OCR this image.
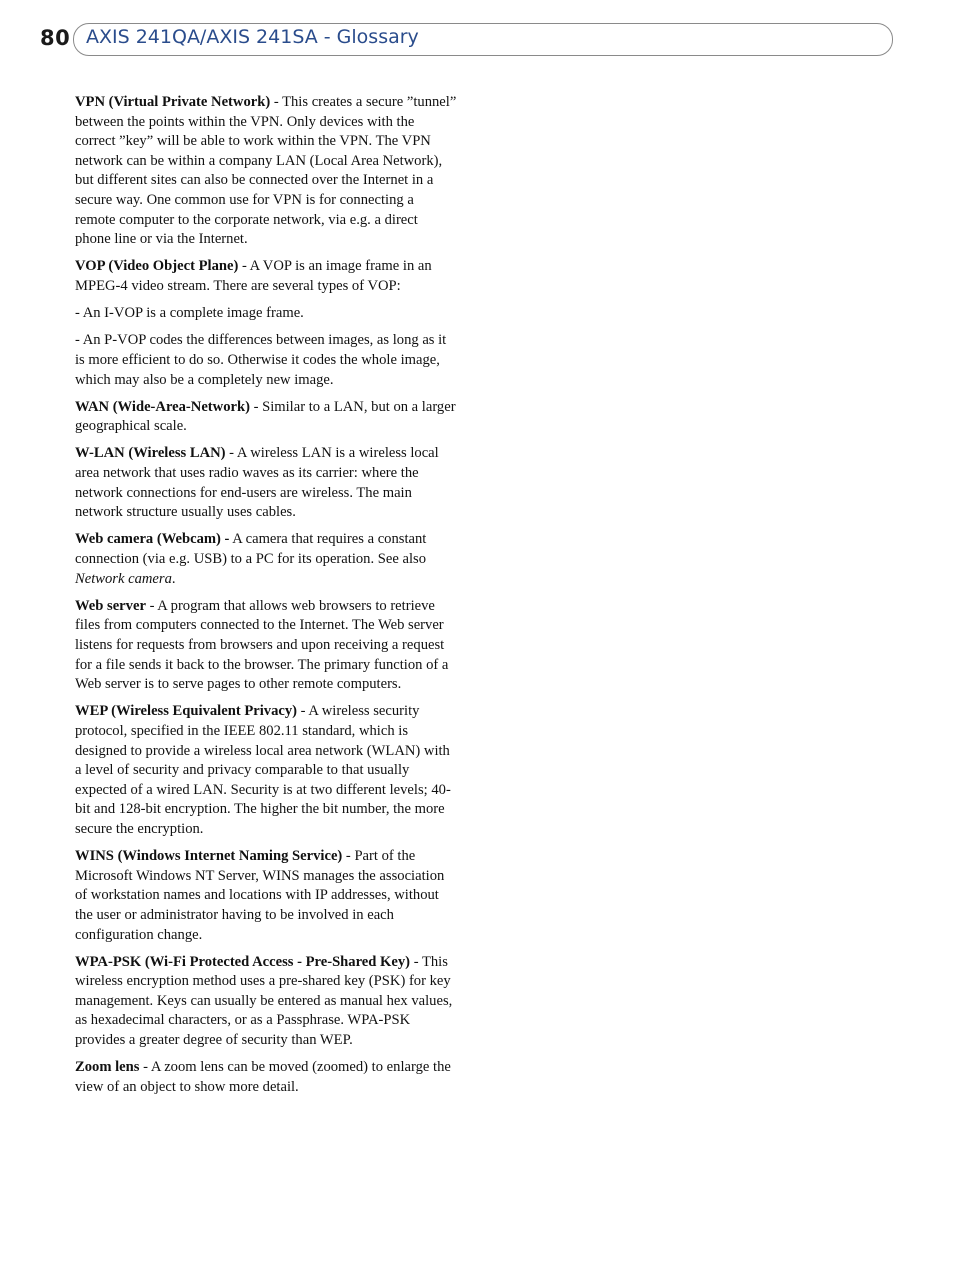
80 AXIS 241QA/AXIS 241SA - Glossary

VPN (Virtual Private Network) - This creates a secure ”tunnel” between the points within the VPN. Only devices with the correct ”key” will be able to work within the VPN. The VPN network can be within a company LAN (Local Area Network), but different sites can also be connected over the Internet in a secure way. One common use for VPN is for connecting a remote computer to the corporate network, via e.g. a direct phone line or via the Internet.

VOP (Video Object Plane) - A VOP is an image frame in an MPEG-4 video stream. There are several types of VOP:

- An I-VOP is a complete image frame.

- An P-VOP codes the differences between images, as long as it is more efficient to do so. Otherwise it codes the whole image, which may also be a completely new image.

WAN (Wide-Area-Network) - Similar to a LAN, but on a larger geographical scale.

W-LAN (Wireless LAN) - A wireless LAN is a wireless local area network that uses radio waves as its carrier: where the network connections for end-users are wireless. The main network structure usually uses cables.

Web camera (Webcam) - A camera that requires a constant connection (via e.g. USB) to a PC for its operation. See also Network camera.

Web server - A program that allows web browsers to retrieve files from computers connected to the Internet. The Web server listens for requests from browsers and upon receiving a request for a file sends it back to the browser. The primary function of a Web server is to serve pages to other remote computers.

WEP (Wireless Equivalent Privacy) - A wireless security protocol, specified in the IEEE 802.11 standard, which is designed to provide a wireless local area network (WLAN) with a level of security and privacy comparable to that usually expected of a wired LAN. Security is at two different levels; 40-bit and 128-bit encryption. The higher the bit number, the more secure the encryption.

WINS (Windows Internet Naming Service) - Part of the Microsoft Windows NT Server, WINS manages the association of workstation names and locations with IP addresses, without the user or administrator having to be involved in each configuration change.

WPA-PSK (Wi-Fi Protected Access - Pre-Shared Key) - This wireless encryption method uses a pre-shared key (PSK) for key management. Keys can usually be entered as manual hex values, as hexadecimal characters, or as a Passphrase. WPA-PSK provides a greater degree of security than WEP.

Zoom lens - A zoom lens can be moved (zoomed) to enlarge the view of an object to show more detail.
